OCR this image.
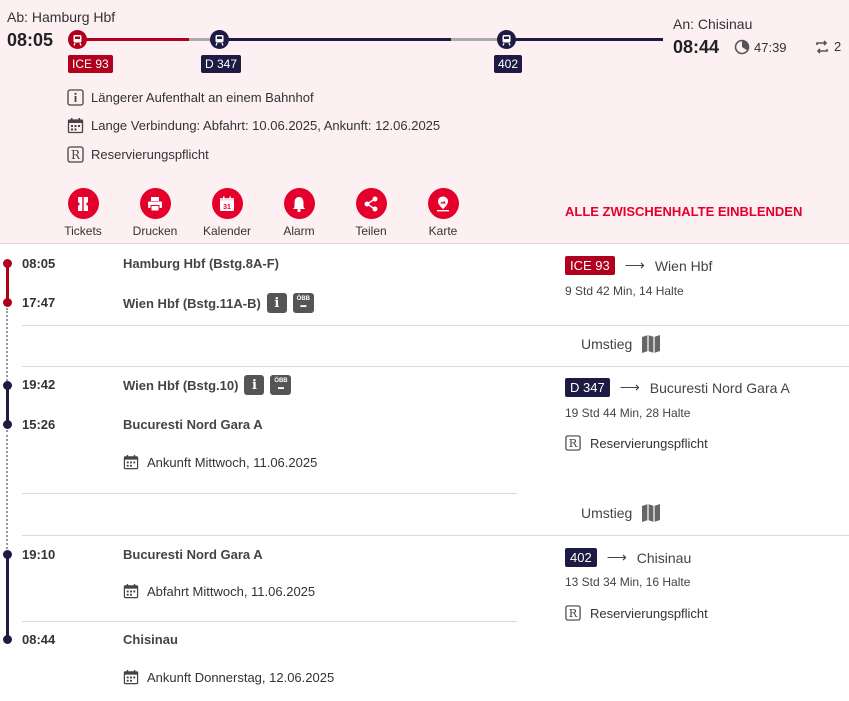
Ab: Hamburg Hbf
08:05
An: Chisinau
08:44	47:39	2
ICE 93	D 347	402
Längerer Aufenthalt an einem Bahnhof
Lange Verbindung: Abfahrt: 10.06.2025, Ankunft: 12.06.2025
R Reservierungspflicht
Tickets	Drucken
31
Kalender	Alarm	Teilen	Karte
ALLE ZWISCHENHALTE EINBLENDEN
08:05	Hamburg Hbf (Bstg.8A-F)
17:47	Wien Hbf (Bstg.11A-B)	i	ÖBB
▬
ICE 93	⟶ Wien Hbf
9 Std 42 Min, 14 Halte
Umstieg
19:42	Wien Hbf (Bstg.10)	i	ÖBB
▬
15:26	Bucuresti Nord Gara A
Ankunft Mittwoch, 11.06.2025
D 347	⟶ Bucuresti Nord Gara A
19 Std 44 Min, 28 Halte
R Reservierungspflicht
Umstieg
19:10	Bucuresti Nord Gara A
Abfahrt Mittwoch, 11.06.2025
08:44	Chisinau
Ankunft Donnerstag, 12.06.2025
402	⟶ Chisinau
13 Std 34 Min, 16 Halte
R Reservierungspflicht
